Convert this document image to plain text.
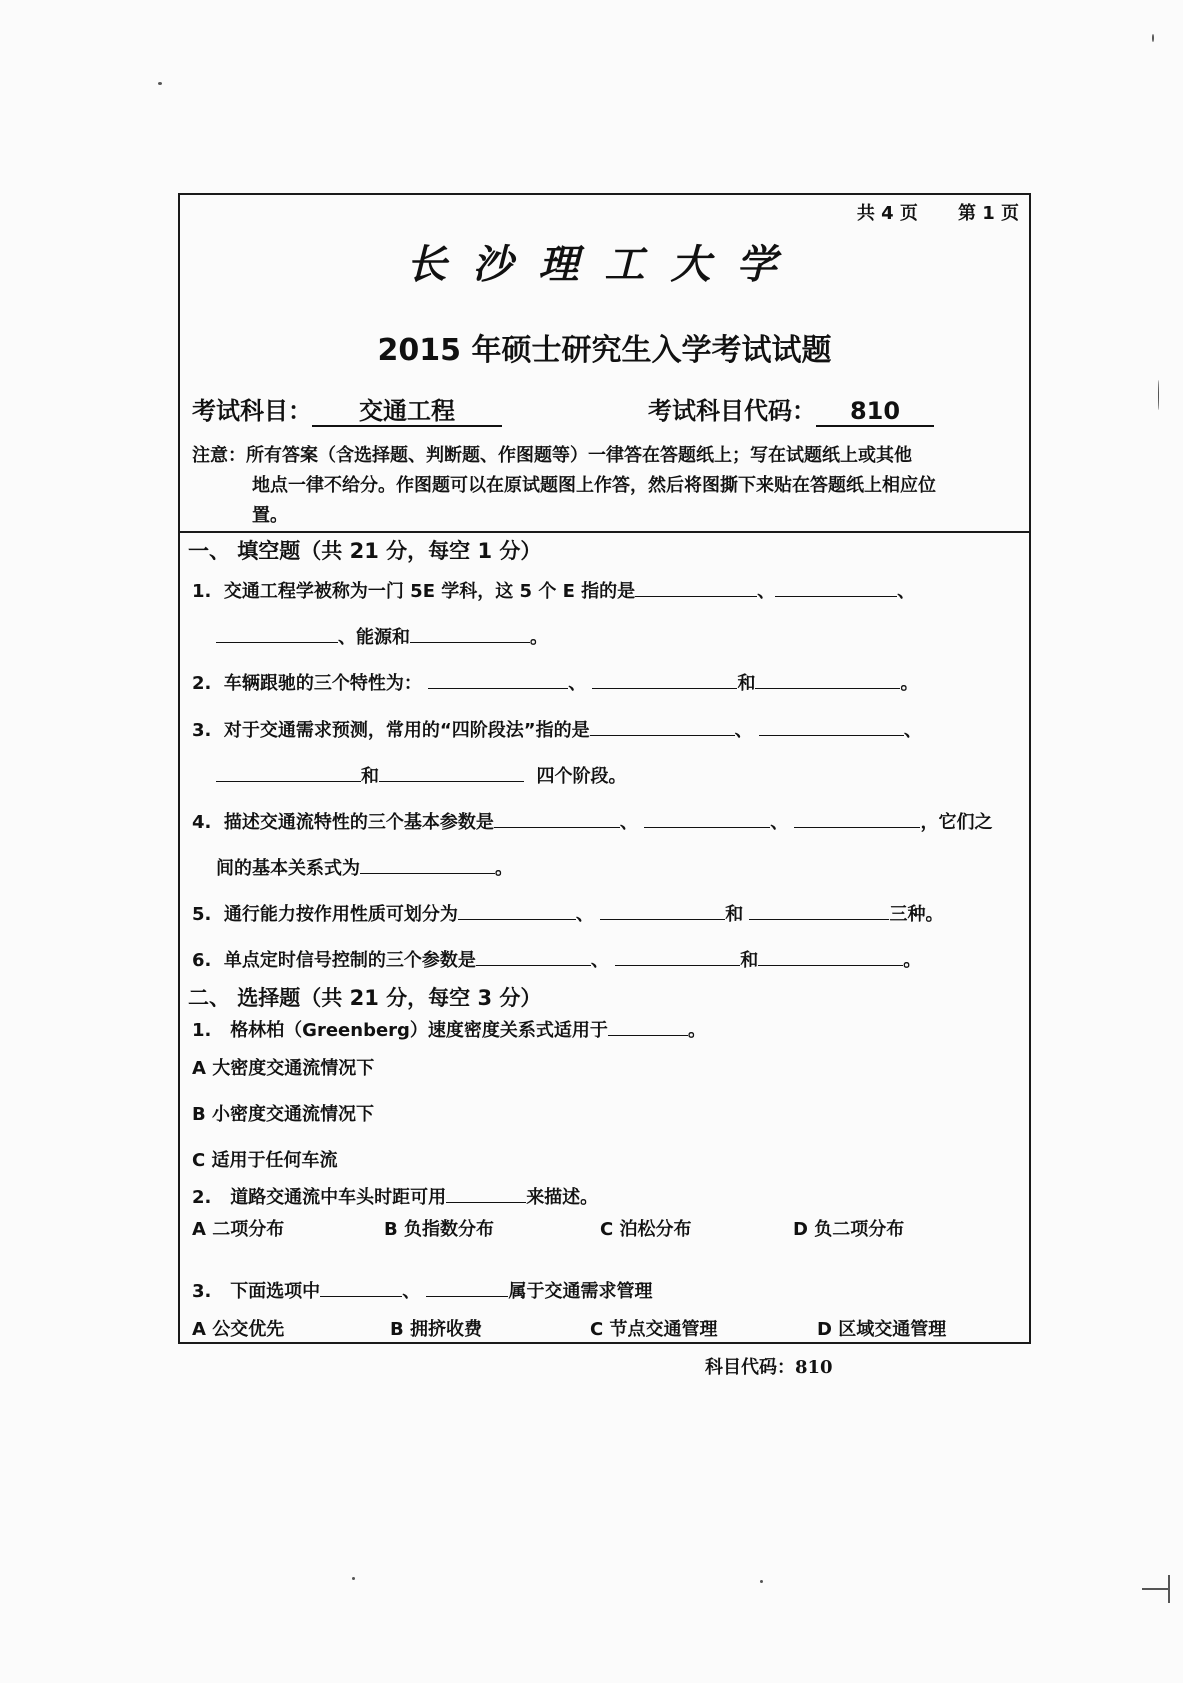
共 4 页 第 1 页
长沙理工大学
2015 年硕士研究生入学考试试题
考试科目： 交通工程	考试科目代码： 810
注意：所有答案（含选择题、判断题、作图题等）一律答在答题纸上；写在试题纸上或其他
地点一律不给分。作图题可以在原试题图上作答，然后将图撕下来贴在答题纸上相应位
置。
一、 填空题（共 21 分，每空 1 分）
1. 交通工程学被称为一门 5E 学科，这 5 个 E 指的是	、	、
、能源和	。
2. 车辆跟驰的三个特性为：	、	和	。
3. 对于交通需求预测，常用的“四阶段法”指的是	、	、
和	四个阶段。
4. 描述交通流特性的三个基本参数是	、	、	，它们之
间的基本关系式为	。
5. 通行能力按作用性质可划分为	、	和	三种。
6. 单点定时信号控制的三个参数是	、	和	。
二、 选择题（共 21 分，每空 3 分）
1. 格林柏（Greenberg）速度密度关系式适用于	。
A 大密度交通流情况下
B 小密度交通流情况下
C 适用于任何车流
2. 道路交通流中车头时距可用	来描述。
A 二项分布	B 负指数分布	C 泊松分布	D 负二项分布
3. 下面选项中	、	属于交通需求管理
A 公交优先	B 拥挤收费	C 节点交通管理	D 区域交通管理
科目代码：810
